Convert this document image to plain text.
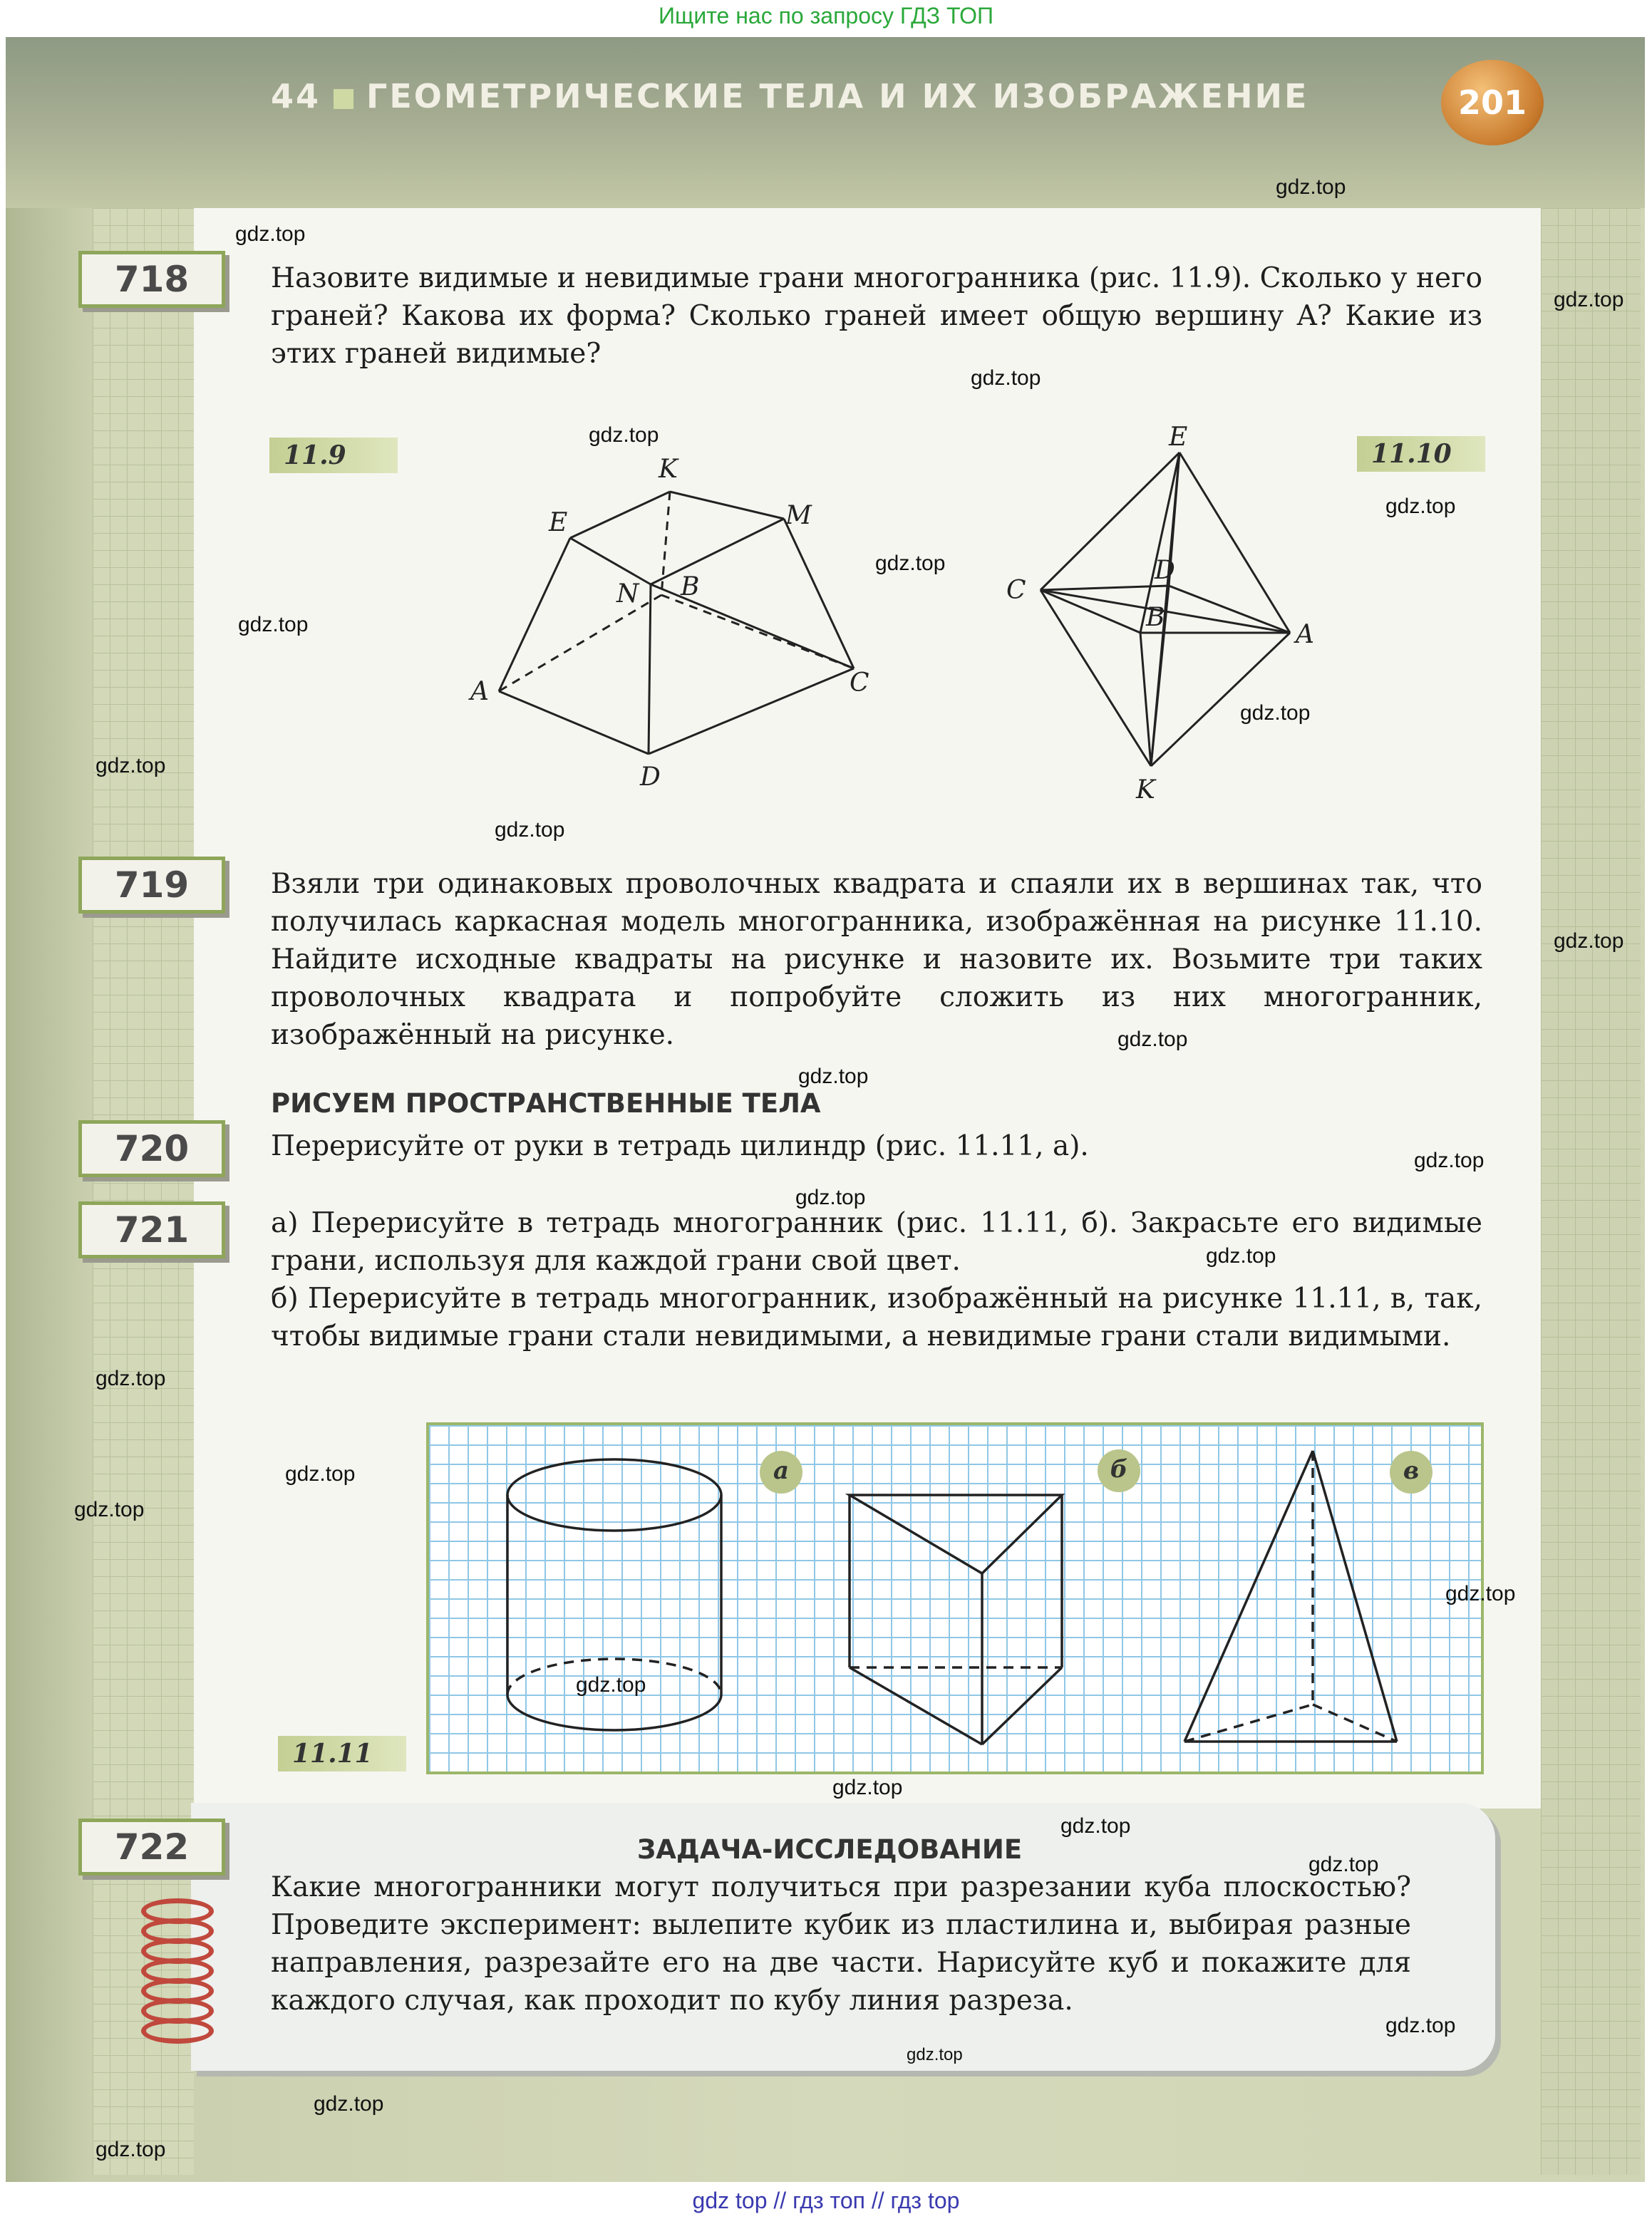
Ищите нас по запросу ГДЗ ТОП
44 ГЕОМЕТРИЧЕСКИЕ ТЕЛА И ИХ ИЗОБРАЖЕНИЕ	201
718	Назовите видимые и невидимые грани многогранника (рис. 11.9). Сколько у него граней? Какова их форма? Сколько граней имеет общую вершину A? Какие из этих граней видимые?
11.9	K
E	M
N B
A	C
D
11.10
E
C
D
B
A
K
719	Взяли три одинаковых проволочных квадрата и спаяли их в вершинах так, что получилась каркасная модель многогранника, изображённая на рисунке 11.10. Найдите исходные квадраты на рисунке и назовите их. Возьмите три таких проволочных квадрата и попробуйте сложить из них многогранник, изображённый на рисунке.
РИСУЕМ ПРОСТРАНСТВЕННЫЕ ТЕЛА
720	Перерисуйте от руки в тетрадь цилиндр (рис. 11.11, а).
721	а) Перерисуйте в тетрадь многогранник (рис. 11.11, б). Закрасьте его видимые грани, используя для каждой грани свой цвет.
б) Перерисуйте в тетрадь многогранник, изображённый на рисунке 11.11, в, так, чтобы видимые грани стали невидимыми, а невидимые грани стали видимыми.
а	б	в
11.11
722	ЗАДАЧА-ИССЛЕДОВАНИЕ
Какие многогранники могут получиться при разрезании куба плоскостью? Проведите эксперимент: вылепите кубик из пластилина и, выбирая разные направления, разрезайте его на две части. Нарисуйте куб и покажите для каждого случая, как проходит по кубу линия разреза.
gdz.top
gdz.top
gdz.top
gdz.top
gdz.top
gdz.top
gdz.top
gdz.top
gdz.top
gdz.top
gdz.top
gdz.top
gdz.top
gdz.top
gdz.top
gdz.top
gdz.top
gdz.top
gdz.top
gdz.top
gdz.top
gdz.top
gdz.top
gdz.top
gdz.top
gdz.top
gdz.top
gdz.top
gdz.top
gdz top // гдз топ // гдз top
